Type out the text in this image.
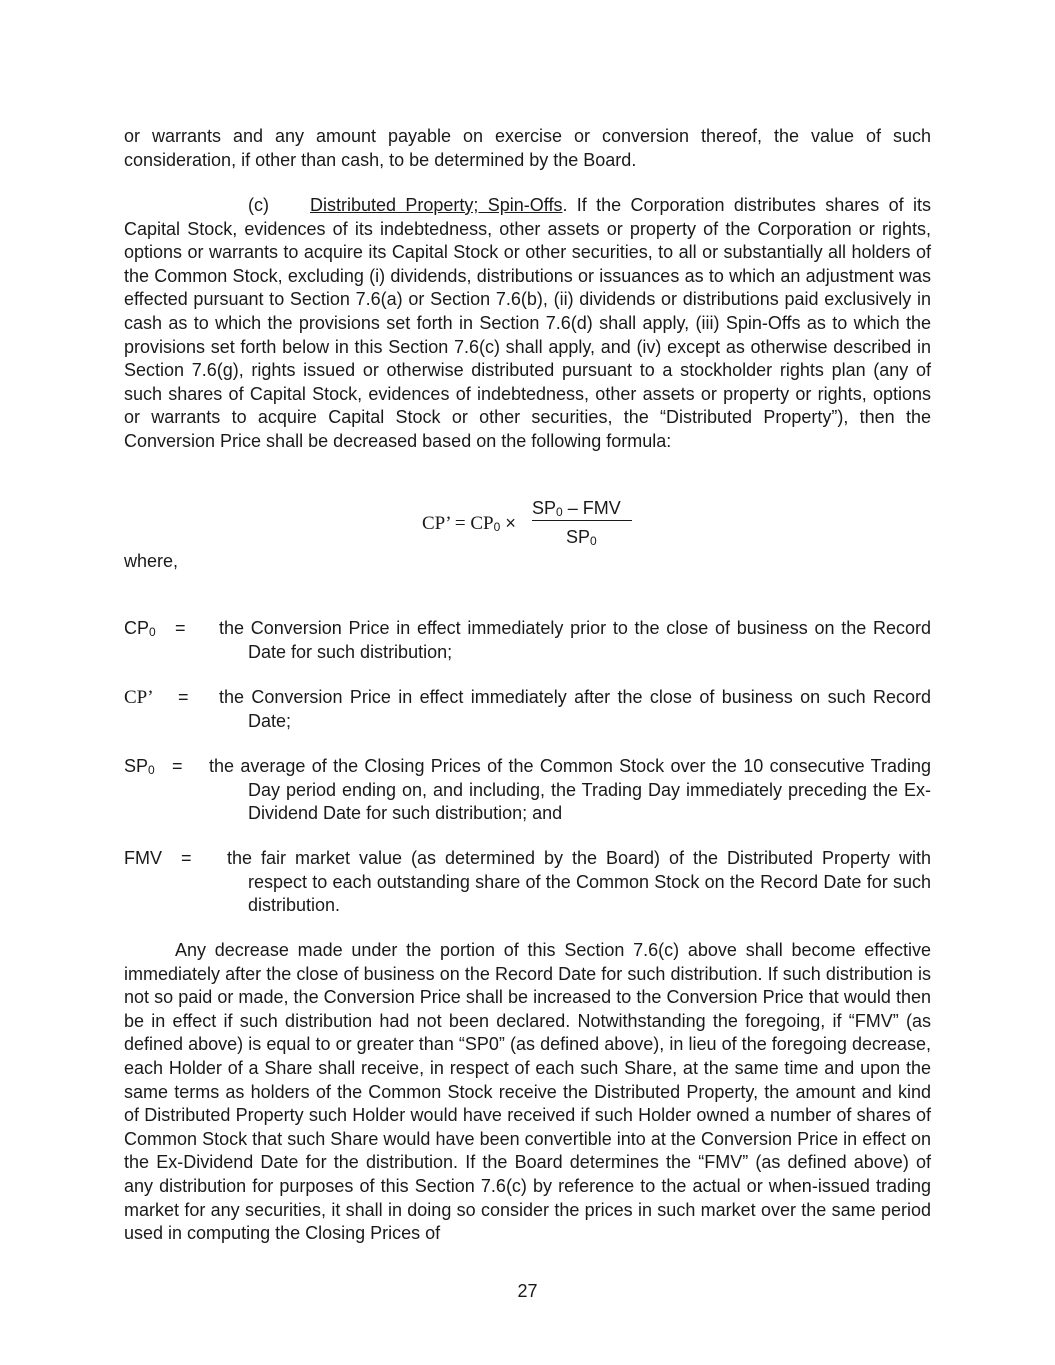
or warrants and any amount payable on exercise or conversion thereof, the value of such consideration, if other than cash, to be determined by the Board.

(c) Distributed Property; Spin-Offs. If the Corporation distributes shares of its Capital Stock, evidences of its indebtedness, other assets or property of the Corporation or rights, options or warrants to acquire its Capital Stock or other securities, to all or substantially all holders of the Common Stock, excluding (i) dividends, distributions or issuances as to which an adjustment was effected pursuant to Section 7.6(a) or Section 7.6(b), (ii) dividends or distributions paid exclusively in cash as to which the provisions set forth in Section 7.6(d) shall apply, (iii) Spin-Offs as to which the provisions set forth below in this Section 7.6(c) shall apply, and (iv) except as otherwise described in Section 7.6(g), rights issued or otherwise distributed pursuant to a stockholder rights plan (any of such shares of Capital Stock, evidences of indebtedness, other assets or property or rights, options or warrants to acquire Capital Stock or other securities, the “Distributed Property”), then the Conversion Price shall be decreased based on the following formula:

CP’ = $CP_0$ ×
$SP_0$ – FMV
$SP_0$

where,

$CP_0$ = the Conversion Price in effect immediately prior to the close of business on the Record Date for such distribution;
CP’ = the Conversion Price in effect immediately after the close of business on such Record Date;
$SP_0$ = the average of the Closing Prices of the Common Stock over the 10 consecutive Trading Day period ending on, and including, the Trading Day immediately preceding the Ex-Dividend Date for such distribution; and
FMV = the fair market value (as determined by the Board) of the Distributed Property with respect to each outstanding share of the Common Stock on the Record Date for such distribution.

Any decrease made under the portion of this Section 7.6(c) above shall become effective immediately after the close of business on the Record Date for such distribution. If such distribution is not so paid or made, the Conversion Price shall be increased to the Conversion Price that would then be in effect if such distribution had not been declared. Notwithstanding the foregoing, if “FMV” (as defined above) is equal to or greater than “SP0” (as defined above), in lieu of the foregoing decrease, each Holder of a Share shall receive, in respect of each such Share, at the same time and upon the same terms as holders of the Common Stock receive the Distributed Property, the amount and kind of Distributed Property such Holder would have received if such Holder owned a number of shares of Common Stock that such Share would have been convertible into at the Conversion Price in effect on the Ex-Dividend Date for the distribution. If the Board determines the “FMV” (as defined above) of any distribution for purposes of this Section 7.6(c) by reference to the actual or when-issued trading market for any securities, it shall in doing so consider the prices in such market over the same period used in computing the Closing Prices of

27
